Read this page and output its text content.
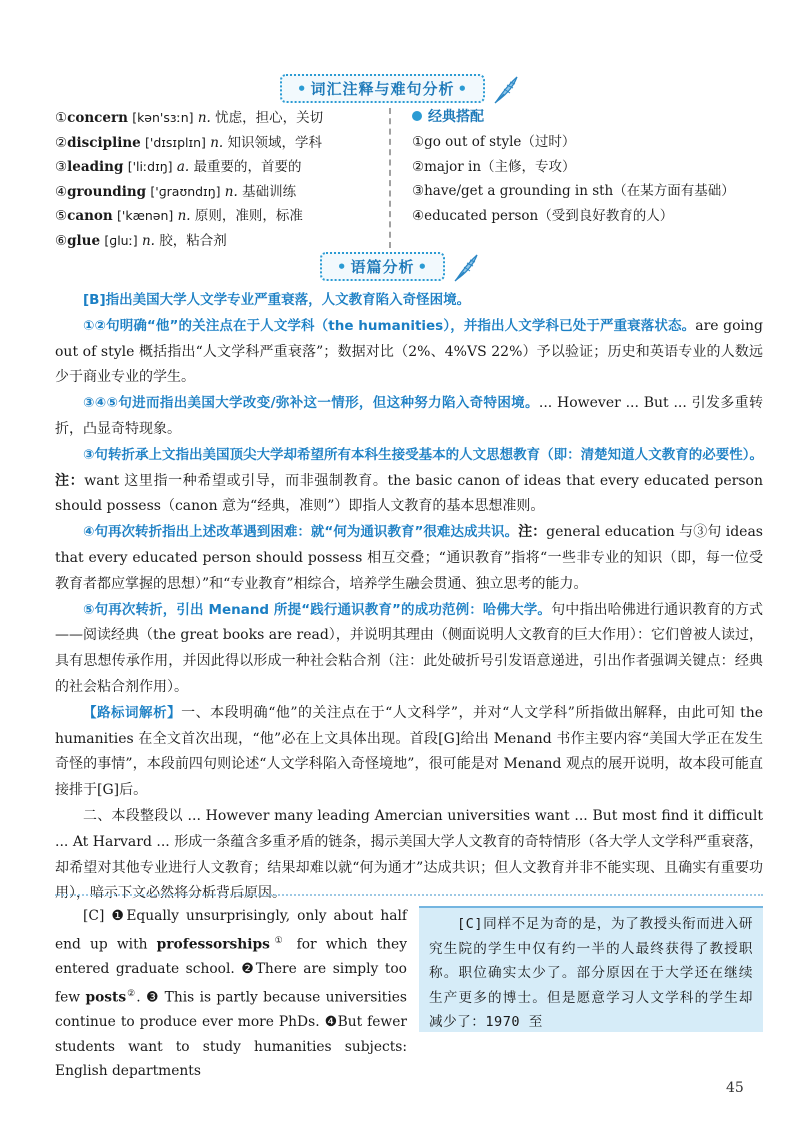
• 词汇注释与难句分析 •
①concern [kən'sɜːn] n. 忧虑，担心，关切
②discipline ['dɪsɪplɪn] n. 知识领域，学科
③leading ['liːdɪŋ] a. 最重要的，首要的
④grounding ['ɡraʊndɪŋ] n. 基础训练
⑤canon ['kænən] n. 原则，准则，标准
⑥glue [ɡluː] n. 胶，粘合剂
经典搭配
①go out of style（过时）
②major in（主修，专攻）
③have/get a grounding in sth（在某方面有基础）
④educated person（受到良好教育的人）
• 语篇分析 •

[B]指出美国大学人文学专业严重衰落，人文教育陷入奇怪困境。

①②句明确“他”的关注点在于人文学科（the humanities），并指出人文学科已处于严重衰落状态。are going out of style 概括指出“人文学科严重衰落”；数据对比（2%、4%VS 22%）予以验证；历史和英语专业的人数远少于商业专业的学生。

③④⑤句进而指出美国大学改变/弥补这一情形，但这种努力陷入奇特困境。... However ... But ... 引发多重转折，凸显奇特现象。

③句转折承上文指出美国顶尖大学却希望所有本科生接受基本的人文思想教育（即：清楚知道人文教育的必要性）。注：want 这里指一种希望或引导，而非强制教育。the basic canon of ideas that every educated person should possess（canon 意为“经典，准则”）即指人文教育的基本思想准则。

④句再次转折指出上述改革遇到困难：就“何为通识教育”很难达成共识。注：general education 与③句 ideas that every educated person should possess 相互交叠；“通识教育”指将“一些非专业的知识（即，每一位受教育者都应掌握的思想）”和“专业教育”相综合，培养学生融会贯通、独立思考的能力。

⑤句再次转折，引出 Menand 所提“践行通识教育”的成功范例：哈佛大学。句中指出哈佛进行通识教育的方式——阅读经典（the great books are read），并说明其理由（侧面说明人文教育的巨大作用）：它们曾被人读过，具有思想传承作用，并因此得以形成一种社会粘合剂（注：此处破折号引发语意递进，引出作者强调关键点：经典的社会粘合剂作用）。

【路标词解析】一、本段明确“他”的关注点在于“人文科学”，并对“人文学科”所指做出解释，由此可知 the humanities 在全文首次出现，“他”必在上文具体出现。首段[G]给出 Menand 书作主要内容“美国大学正在发生奇怪的事情”，本段前四句则论述“人文学科陷入奇怪境地”，很可能是对 Menand 观点的展开说明，故本段可能直接排于[G]后。

二、本段整段以 ... However many leading Amercian universities want ... But most find it difficult ... At Harvard ... 形成一条蕴含多重矛盾的链条，揭示美国大学人文教育的奇特情形（各大学人文学科严重衰落，却希望对其他专业进行人文教育；结果却难以就“何为通才”达成共识；但人文教育并非不能实现、且确实有重要功用），暗示下文必然将分析背后原因。

[C] ❶Equally unsurprisingly, only about half end up with professorships① for which they entered graduate school. ❷There are simply too few posts②. ❸ This is partly because universities continue to produce ever more PhDs. ❹But fewer students want to study humanities subjects: English departments

[C]同样不足为奇的是，为了教授头衔而进入研究生院的学生中仅有约一半的人最终获得了教授职称。职位确实太少了。部分原因在于大学还在继续生产更多的博士。但是愿意学习人文学科的学生却减少了：1970 至

45
